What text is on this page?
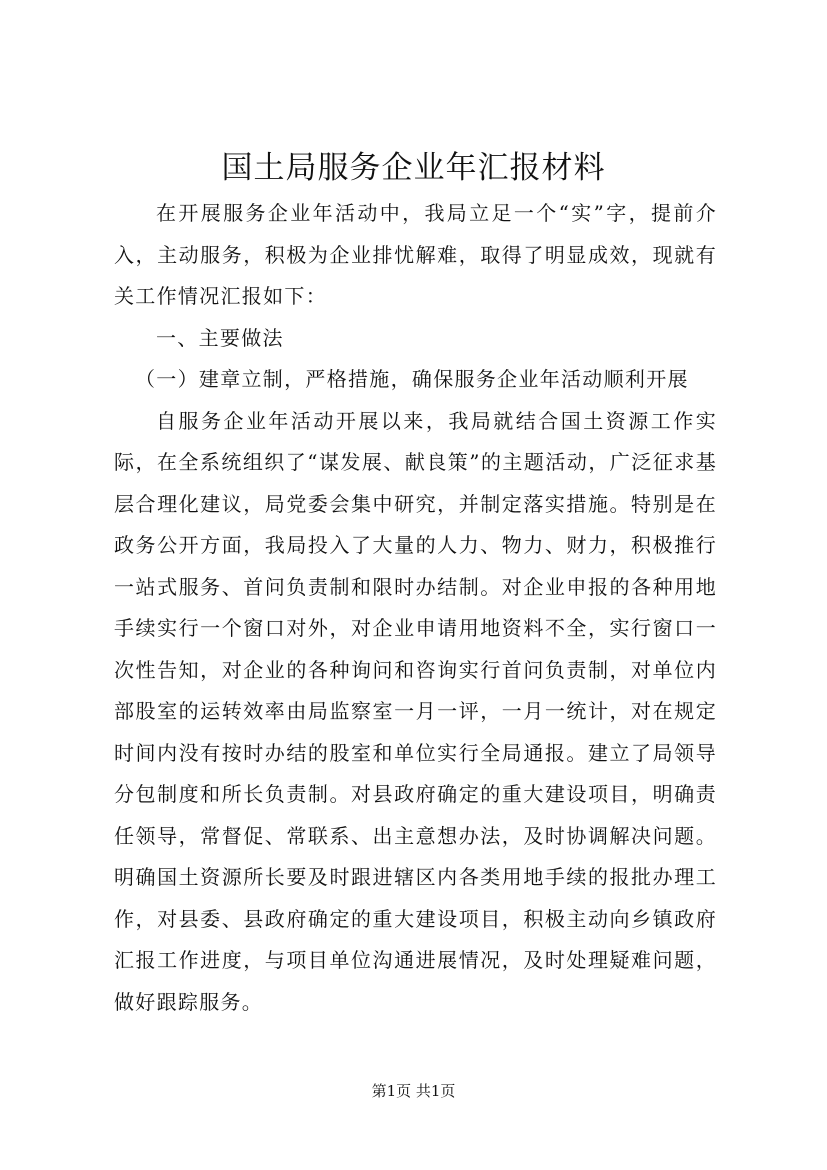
国土局服务企业年汇报材料

在开展服务企业年活动中，我局立足一个“实”字，提前介入，主动服务，积极为企业排忧解难，取得了明显成效，现就有关工作情况汇报如下：

一、主要做法

（一）建章立制，严格措施，确保服务企业年活动顺利开展

自服务企业年活动开展以来，我局就结合国土资源工作实际，在全系统组织了“谋发展、献良策”的主题活动，广泛征求基层合理化建议，局党委会集中研究，并制定落实措施。特别是在政务公开方面，我局投入了大量的人力、物力、财力，积极推行一站式服务、首问负责制和限时办结制。对企业申报的各种用地手续实行一个窗口对外，对企业申请用地资料不全，实行窗口一次性告知，对企业的各种询问和咨询实行首问负责制，对单位内部股室的运转效率由局监察室一月一评，一月一统计，对在规定时间内没有按时办结的股室和单位实行全局通报。建立了局领导分包制度和所长负责制。对县政府确定的重大建设项目，明确责任领导，常督促、常联系、出主意想办法，及时协调解决问题。明确国土资源所长要及时跟进辖区内各类用地手续的报批办理工作，对县委、县政府确定的重大建设项目，积极主动向乡镇政府汇报工作进度，与项目单位沟通进展情况，及时处理疑难问题，做好跟踪服务。

第1页 共1页
